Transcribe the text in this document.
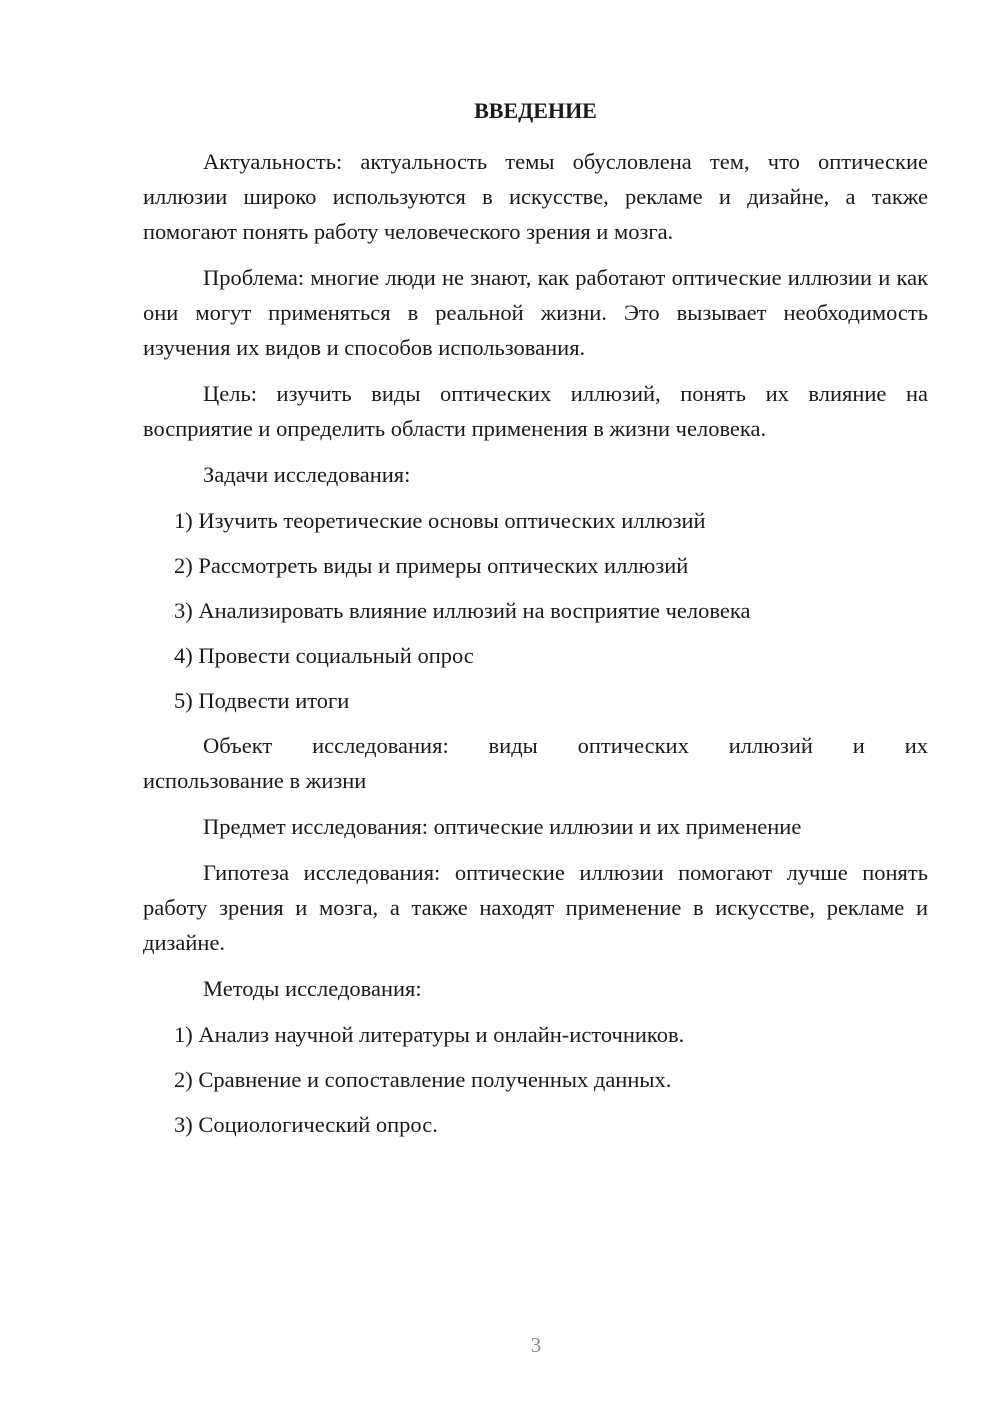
ВВЕДЕНИЕ

Актуальность: актуальность темы обусловлена тем, что оптические иллюзии широко используются в искусстве, рекламе и дизайне, а также помогают понять работу человеческого зрения и мозга.

Проблема: многие люди не знают, как работают оптические иллюзии и как они могут применяться в реальной жизни. Это вызывает необходимость изучения их видов и способов использования.

Цель: изучить виды оптических иллюзий, понять их влияние на восприятие и определить области применения в жизни человека.

Задачи исследования:

1) Изучить теоретические основы оптических иллюзий

2) Рассмотреть виды и примеры оптических иллюзий

3) Анализировать влияние иллюзий на восприятие человека

4) Провести социальный опрос

5) Подвести итоги

Объект исследования: виды оптических иллюзий и их

использование в жизни

Предмет исследования: оптические иллюзии и их применение

Гипотеза исследования: оптические иллюзии помогают лучше понять работу зрения и мозга, а также находят применение в искусстве, рекламе и дизайне.

Методы исследования:

1) Анализ научной литературы и онлайн-источников.

2) Сравнение и сопоставление полученных данных.

3) Социологический опрос.

3
